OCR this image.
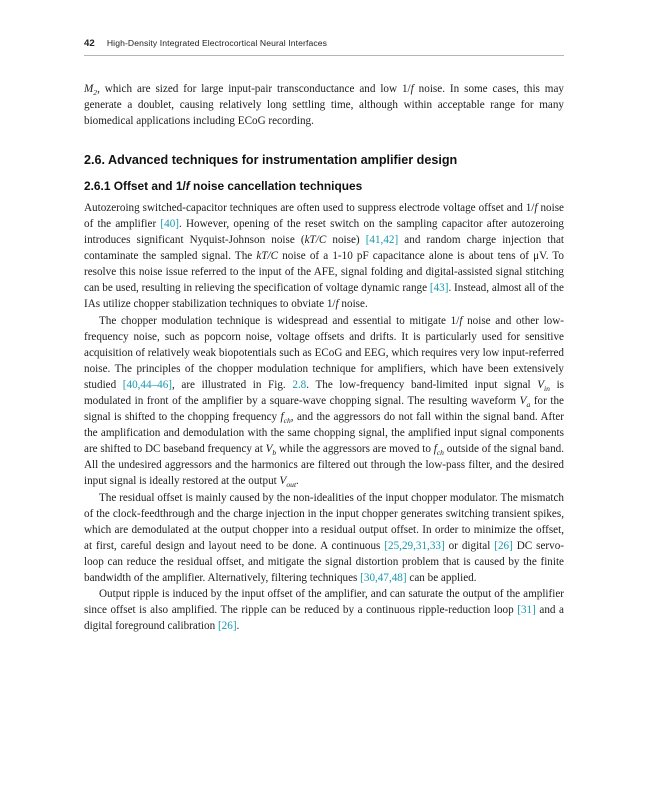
42 High-Density Integrated Electrocortical Neural Interfaces

$M_2$, which are sized for large input-pair transconductance and low 1/f noise. In some cases, this may generate a doublet, causing relatively long settling time, although within acceptable range for many biomedical applications including ECoG recording.

2.6. Advanced techniques for instrumentation amplifier design
2.6.1 Offset and 1/f noise cancellation techniques

Autozeroing switched-capacitor techniques are often used to suppress electrode voltage offset and 1/f noise of the amplifier [40]. However, opening of the reset switch on the sampling capacitor after autozeroing introduces significant Nyquist-Johnson noise (kT/C noise) [41,42] and random charge injection that contaminate the sampled signal. The kT/C noise of a 1-10 pF capacitance alone is about tens of μV. To resolve this noise issue referred to the input of the AFE, signal folding and digital-assisted signal stitching can be used, resulting in relieving the specification of voltage dynamic range [43]. Instead, almost all of the IAs utilize chopper stabilization techniques to obviate 1/f noise.

The chopper modulation technique is widespread and essential to mitigate 1/f noise and other low-frequency noise, such as popcorn noise, voltage offsets and drifts. It is particularly used for sensitive acquisition of relatively weak biopotentials such as ECoG and EEG, which requires very low input-referred noise. The principles of the chopper modulation technique for amplifiers, which have been extensively studied [40,44–46], are illustrated in Fig. 2.8. The low-frequency band-limited input signal $V_{in}$ is modulated in front of the amplifier by a square-wave chopping signal. The resulting waveform $V_a$ for the signal is shifted to the chopping frequency $f_{ch}$, and the aggressors do not fall within the signal band. After the amplification and demodulation with the same chopping signal, the amplified input signal components are shifted to DC baseband frequency at $V_b$ while the aggressors are moved to $f_{ch}$ outside of the signal band. All the undesired aggressors and the harmonics are filtered out through the low-pass filter, and the desired input signal is ideally restored at the output $V_{out}$.

The residual offset is mainly caused by the non-idealities of the input chopper modulator. The mismatch of the clock-feedthrough and the charge injection in the input chopper generates switching transient spikes, which are demodulated at the output chopper into a residual output offset. In order to minimize the offset, at first, careful design and layout need to be done. A continuous [25,29,31,33] or digital [26] DC servo-loop can reduce the residual offset, and mitigate the signal distortion problem that is caused by the finite bandwidth of the amplifier. Alternatively, filtering techniques [30,47,48] can be applied.

Output ripple is induced by the input offset of the amplifier, and can saturate the output of the amplifier since offset is also amplified. The ripple can be reduced by a continuous ripple-reduction loop [31] and a digital foreground calibration [26].
